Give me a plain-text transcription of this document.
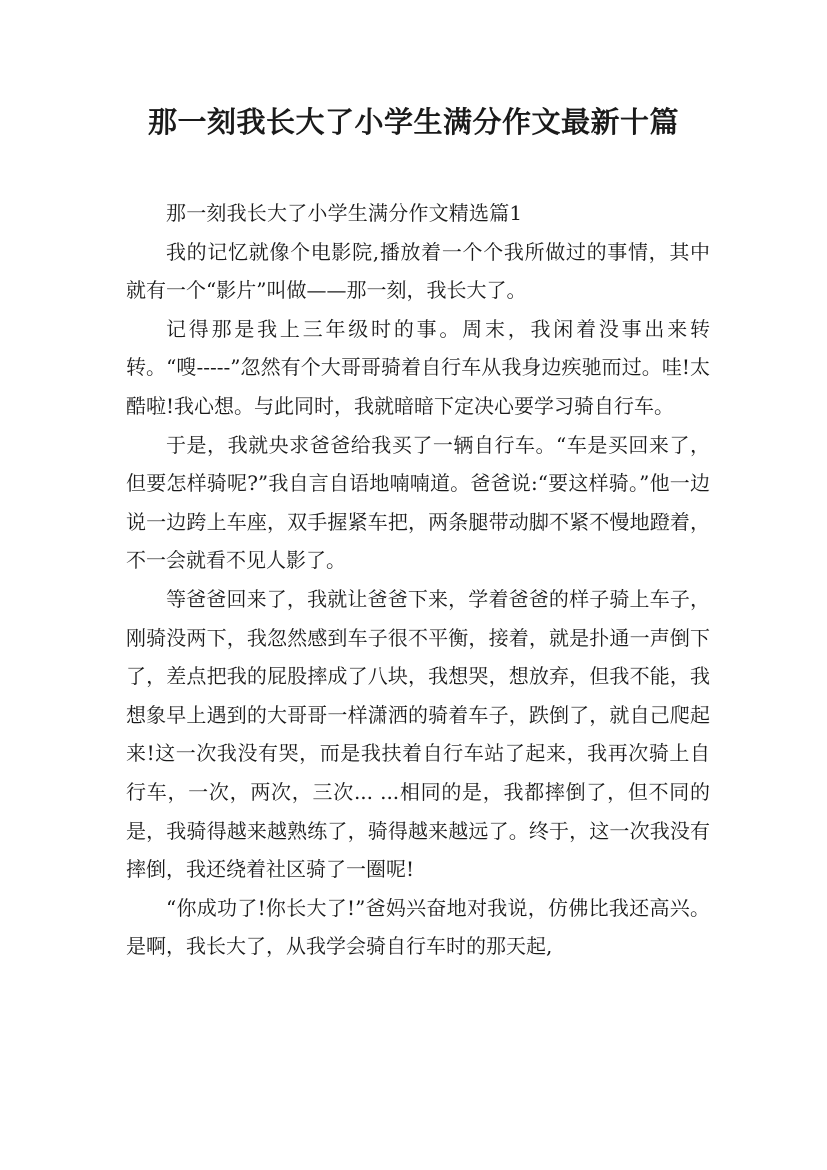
那一刻我长大了小学生满分作文最新十篇

那一刻我长大了小学生满分作文精选篇1

我的记忆就像个电影院,播放着一个个我所做过的事情，其中就有一个“影片”叫做——那一刻，我长大了。

记得那是我上三年级时的事。周末，我闲着没事出来转转。“嗖-----”忽然有个大哥哥骑着自行车从我身边疾驰而过。哇!太酷啦!我心想。与此同时，我就暗暗下定决心要学习骑自行车。

于是，我就央求爸爸给我买了一辆自行车。“车是买回来了，但要怎样骑呢?”我自言自语地喃喃道。爸爸说:“要这样骑。”他一边说一边跨上车座，双手握紧车把，两条腿带动脚不紧不慢地蹬着，不一会就看不见人影了。

等爸爸回来了，我就让爸爸下来，学着爸爸的样子骑上车子，刚骑没两下，我忽然感到车子很不平衡，接着，就是扑通一声倒下了，差点把我的屁股摔成了八块，我想哭，想放弃，但我不能，我想象早上遇到的大哥哥一样潇洒的骑着车子，跌倒了，就自己爬起来!这一次我没有哭，而是我扶着自行车站了起来，我再次骑上自行车，一次，两次，三次... ...相同的是，我都摔倒了，但不同的是，我骑得越来越熟练了，骑得越来越远了。终于，这一次我没有摔倒，我还绕着社区骑了一圈呢!

“你成功了!你长大了!”爸妈兴奋地对我说，仿佛比我还高兴。是啊，我长大了，从我学会骑自行车时的那天起,
